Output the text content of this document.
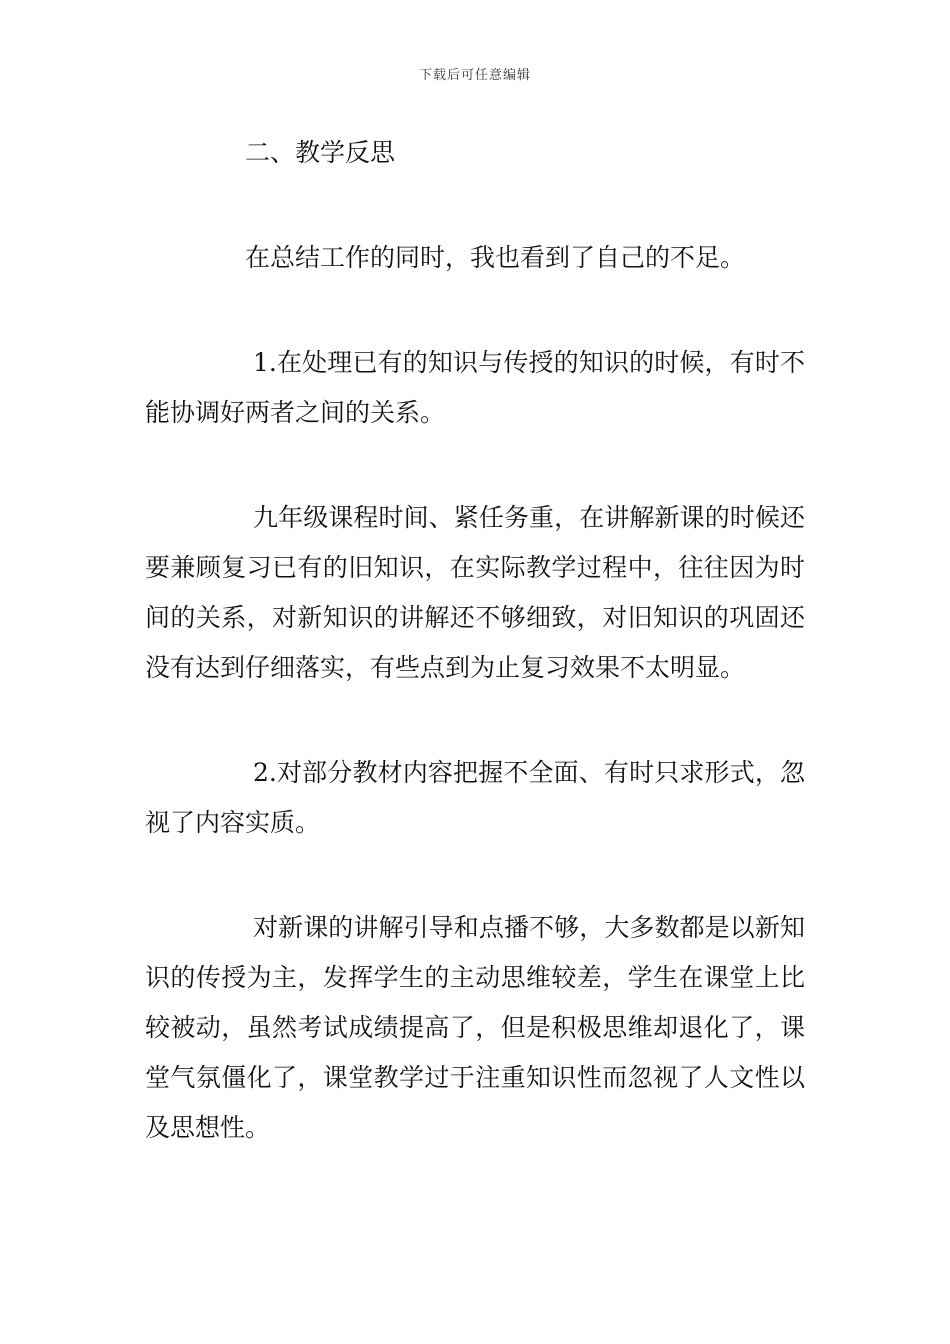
下载后可任意编辑

二、教学反思

在总结工作的同时，我也看到了自己的不足。

1.在处理已有的知识与传授的知识的时候，有时不能协调好两者之间的关系。

九年级课程时间、紧任务重，在讲解新课的时候还要兼顾复习已有的旧知识，在实际教学过程中，往往因为时间的关系，对新知识的讲解还不够细致，对旧知识的巩固还没有达到仔细落实，有些点到为止复习效果不太明显。

2.对部分教材内容把握不全面、有时只求形式，忽视了内容实质。

对新课的讲解引导和点播不够，大多数都是以新知识的传授为主，发挥学生的主动思维较差，学生在课堂上比较被动，虽然考试成绩提高了，但是积极思维却退化了，课堂气氛僵化了，课堂教学过于注重知识性而忽视了人文性以及思想性。
